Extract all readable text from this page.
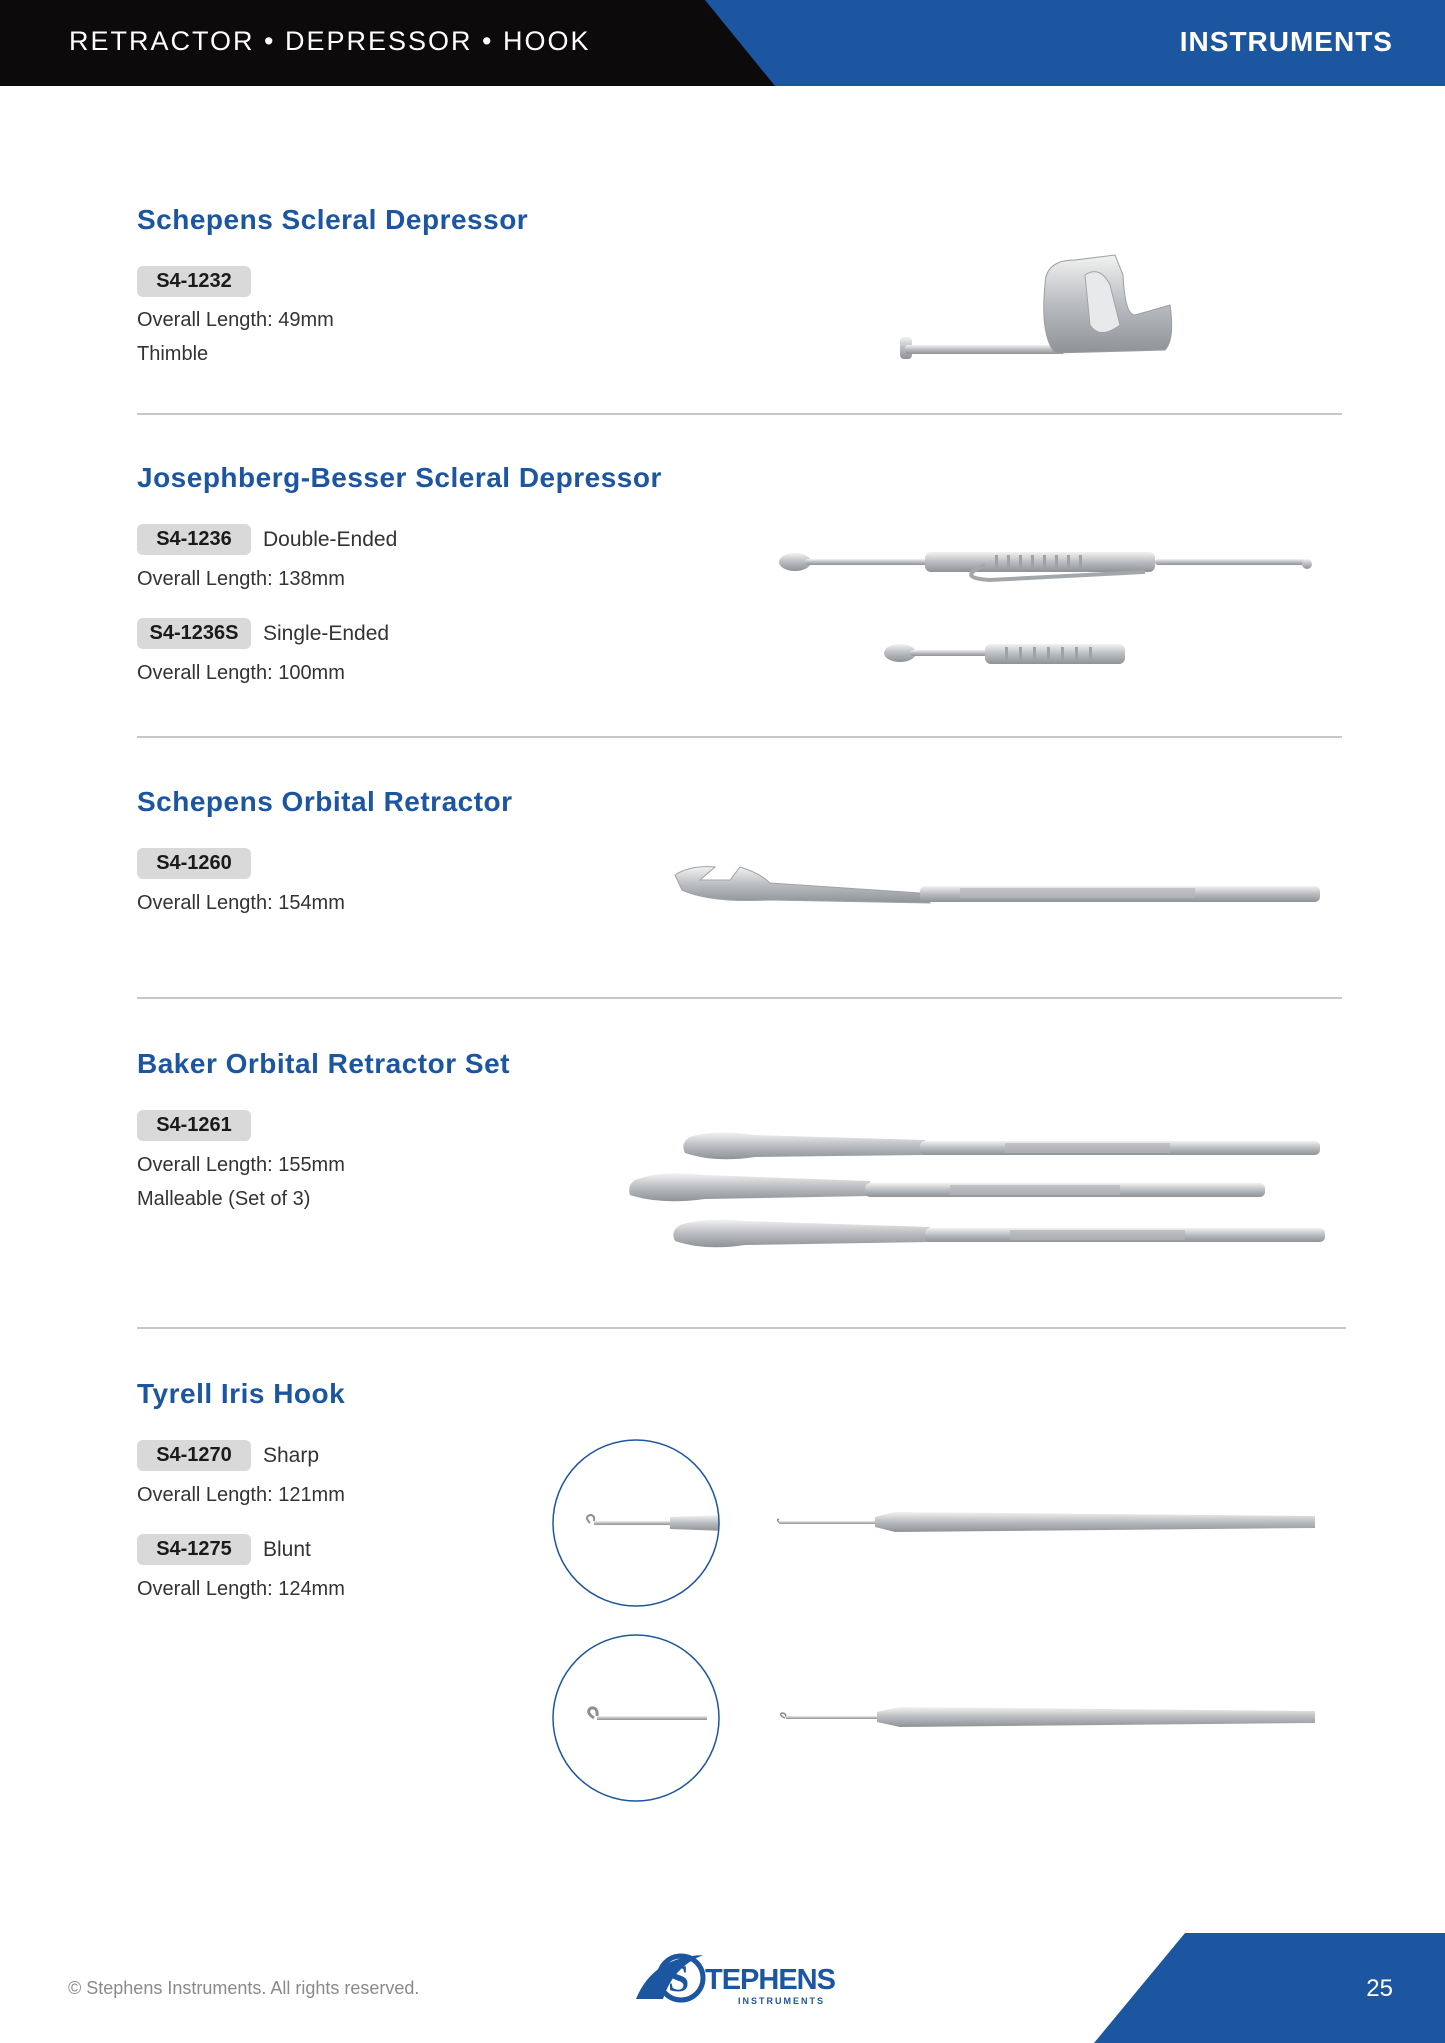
RETRACTOR • DEPRESSOR • HOOK	INSTRUMENTS
Schepens Scleral Depressor
S4-1232
Overall Length: 49mm
Thimble
Josephberg-Besser Scleral Depressor
S4-1236	Double-Ended
Overall Length: 138mm
S4-1236S	Single-Ended
Overall Length: 100mm
Schepens Orbital Retractor
S4-1260
Overall Length: 154mm
Baker Orbital Retractor Set
S4-1261
Overall Length: 155mm
Malleable (Set of 3)
Tyrell Iris Hook
S4-1270	Sharp
Overall Length: 121mm
S4-1275	Blunt
Overall Length: 124mm
© Stephens Instruments. All rights reserved.	25
S TEPHENS
INSTRUMENTS
